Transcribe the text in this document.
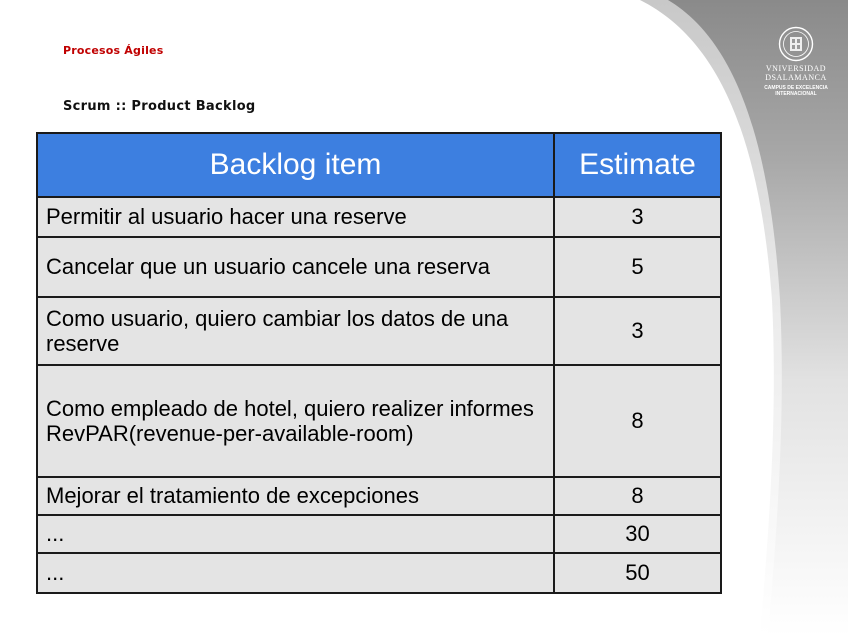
Procesos Ágiles
Scrum :: Product Backlog
VNIVERSIDAD
DSALAMANCA
CAMPUS DE EXCELENCIA
INTERNACIONAL
Backlog item	Estimate
Permitir al usuario hacer una reserve	3
Cancelar que un usuario cancele una reserva	5
Como usuario, quiero cambiar los datos de una reserve	3
Como empleado de hotel, quiero realizer informes RevPAR(revenue-per-available-room)	8
Mejorar el tratamiento de excepciones	8
...	30
...	50
